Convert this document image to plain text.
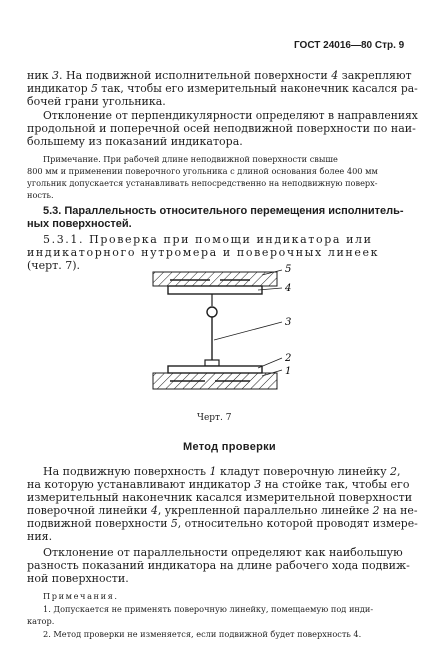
ГОСТ 24016—80 Стр. 9

ник 3. На подвижной исполнительной поверхности 4 закрепляют

индикатор 5 так, чтобы его измерительный наконечник касался ра-

бочей грани угольника.

Отклонение от перпендикулярности определяют в направлениях

продольной и поперечной осей неподвижной поверхности по наи-

большему из показаний индикатора.

Примечание. При рабочей длине неподвижной поверхности свыше

800 мм и применении поверочного угольника с длиной основания более 400 мм

угольник допускается устанавливать непосредственно на неподвижную поверх-

ность.

5.3. Параллельность относительного перемещения исполнитель-

ных поверхностей.

5.3.1. Проверка при помощи индикатора или

индикаторного нутромера и поверочных линеек

(черт. 7).	5
4
3
2
1
Черт. 7
Метод проверки

На подвижную поверхность 1 кладут поверочную линейку 2,

на которую устанавливают индикатор 3 на стойке так, чтобы его

измерительный наконечник касался измерительной поверхности

поверочной линейки 4, укрепленной параллельно линейке 2 на не-

подвижной поверхности 5, относительно которой проводят измере-

ния.

Отклонение от параллельности определяют как наибольшую

разность показаний индикатора на длине рабочего хода подвиж-

ной поверхности.

Примечания.

1. Допускается не применять поверочную линейку, помещаемую под инди-

катор.

2. Метод проверки не изменяется, если подвижной будет поверхность 4.
